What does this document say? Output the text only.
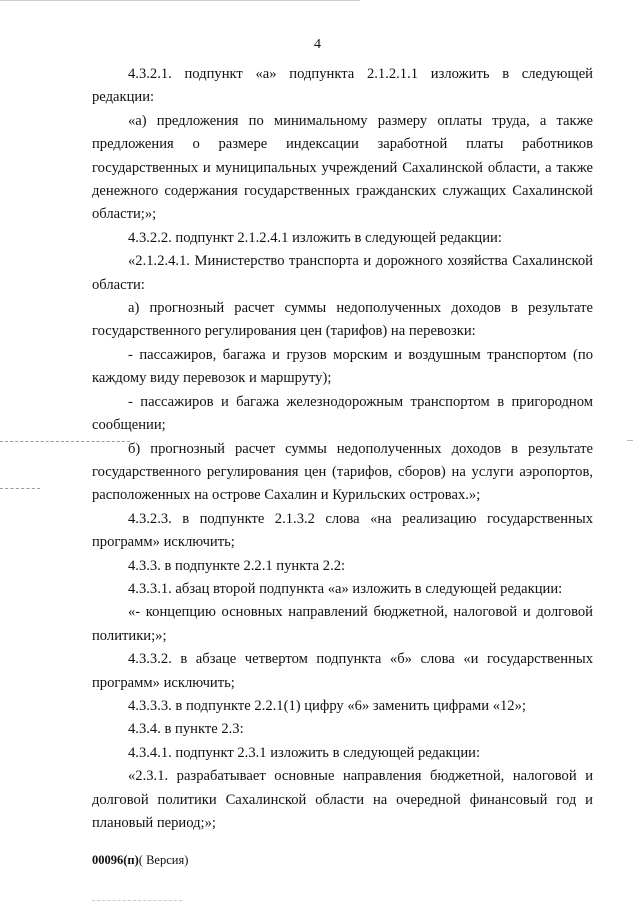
4

4.3.2.1. подпункт «а» подпункта 2.1.2.1.1 изложить в следующей редакции:

«а) предложения по минимальному размеру оплаты труда, а также предложения о размере индексации заработной платы работников государственных и муниципальных учреждений Сахалинской области, а также денежного содержания государственных гражданских служащих Сахалинской области;»;

4.3.2.2. подпункт 2.1.2.4.1 изложить в следующей редакции:

«2.1.2.4.1. Министерство транспорта и дорожного хозяйства Сахалинской области:

а) прогнозный расчет суммы недополученных доходов в результате государственного регулирования цен (тарифов) на перевозки:

- пассажиров, багажа и грузов морским и воздушным транспортом (по каждому виду перевозок и маршруту);

- пассажиров и багажа железнодорожным транспортом в пригородном сообщении;

б) прогнозный расчет суммы недополученных доходов в результате государственного регулирования цен (тарифов, сборов) на услуги аэропортов, расположенных на острове Сахалин и Курильских островах.»;

4.3.2.3. в подпункте 2.1.3.2 слова «на реализацию государственных программ» исключить;

4.3.3. в подпункте 2.2.1 пункта 2.2:

4.3.3.1. абзац второй подпункта «а» изложить в следующей редакции:

«- концепцию основных направлений бюджетной, налоговой и долговой политики;»;

4.3.3.2. в абзаце четвертом подпункта «б» слова «и государственных программ» исключить;

4.3.3.3. в подпункте 2.2.1(1) цифру «6» заменить цифрами «12»;

4.3.4. в пункте 2.3:

4.3.4.1. подпункт 2.3.1 изложить в следующей редакции:

«2.3.1. разрабатывает основные направления бюджетной, налоговой и долговой политики Сахалинской области на очередной финансовый год и плановый период;»;

00096(п)( Версия)
